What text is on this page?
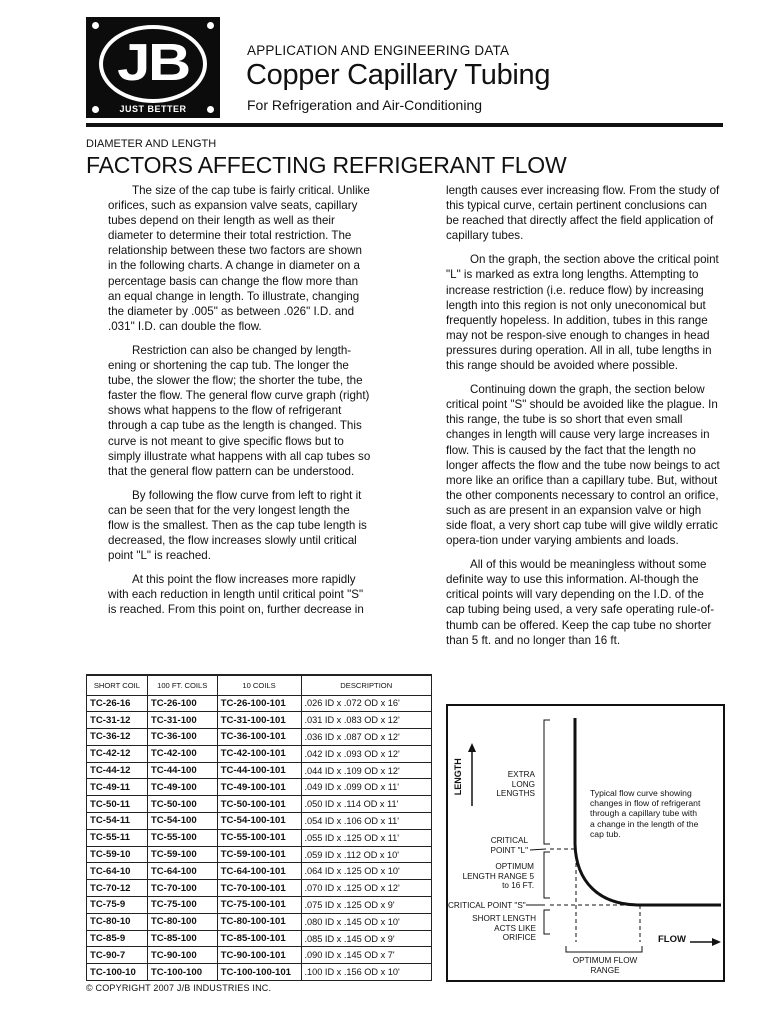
JB
JUST BETTER
APPLICATION AND ENGINEERING DATA
Copper Capillary Tubing
For Refrigeration and Air-Conditioning
DIAMETER AND LENGTH
FACTORS AFFECTING REFRIGERANT FLOW

The size of the cap tube is fairly critical. Unlike orifices, such as expansion valve seats, capillary tubes depend on their length as well as their diameter to determine their total restriction. The relationship between these two factors are shown in the following charts. A change in diameter on a percentage basis can change the flow more than an equal change in length. To illustrate, changing the diameter by .005" as between .026" I.D. and .031" I.D. can double the flow.

Restriction can also be changed by length-ening or shortening the cap tub. The longer the tube, the slower the flow; the shorter the tube, the faster the flow. The general flow curve graph (right) shows what happens to the flow of refrigerant through a cap tube as the length is changed. This curve is not meant to give specific flows but to simply illustrate what happens with all cap tubes so that the general flow pattern can be understood.

By following the flow curve from left to right it can be seen that for the very longest length the flow is the smallest. Then as the cap tube length is decreased, the flow increases slowly until critical point "L" is reached.

At this point the flow increases more rapidly with each reduction in length until critical point "S" is reached. From this point on, further decrease in

length causes ever increasing flow. From the study of this typical curve, certain pertinent conclusions can be reached that directly affect the field application of capillary tubes.

On the graph, the section above the critical point "L" is marked as extra long lengths. Attempting to increase restriction (i.e. reduce flow) by increasing length into this region is not only uneconomical but frequently hopeless. In addition, tubes in this range may not be respon-sive enough to changes in head pressures during operation. All in all, tube lengths in this range should be avoided where possible.

Continuing down the graph, the section below critical point "S" should be avoided like the plague. In this range, the tube is so short that even small changes in length will cause very large increases in flow. This is caused by the fact that the length no longer affects the flow and the tube now beings to act more like an orifice than a capillary tube. But, without the other components necessary to control an orifice, such as are present in an expansion valve or high side float, a very short cap tube will give wildly erratic opera-tion under varying ambients and loads.

All of this would be meaningless without some definite way to use this information. Al-though the critical points will vary depending on the I.D. of the cap tubing being used, a very safe operating rule-of-thumb can be offered. Keep the cap tube no shorter than 5 ft. and no longer than 16 ft.

SHORT COIL	100 FT. COILS	10 COILS	DESCRIPTION
TC-26-16	TC-26-100	TC-26-100-101	.026 ID x .072 OD x 16'
TC-31-12	TC-31-100	TC-31-100-101	.031 ID x .083 OD x 12'
TC-36-12	TC-36-100	TC-36-100-101	.036 ID x .087 OD x 12'
TC-42-12	TC-42-100	TC-42-100-101	.042 ID x .093 OD x 12'
TC-44-12	TC-44-100	TC-44-100-101	.044 ID x .109 OD x 12'
TC-49-11	TC-49-100	TC-49-100-101	.049 ID x .099 OD x 11'
TC-50-11	TC-50-100	TC-50-100-101	.050 ID x .114 OD x 11'
TC-54-11	TC-54-100	TC-54-100-101	.054 ID x .106 OD x 11'
TC-55-11	TC-55-100	TC-55-100-101	.055 ID x .125 OD x 11'
TC-59-10	TC-59-100	TC-59-100-101	.059 ID x .112 OD x 10'
TC-64-10	TC-64-100	TC-64-100-101	.064 ID x .125 OD x 10'
TC-70-12	TC-70-100	TC-70-100-101	.070 ID x .125 OD x 12'
TC-75-9	TC-75-100	TC-75-100-101	.075 ID x .125 OD x 9'
TC-80-10	TC-80-100	TC-80-100-101	.080 ID x .145 OD x 10'
TC-85-9	TC-85-100	TC-85-100-101	.085 ID x .145 OD x 9'
TC-90-7	TC-90-100	TC-90-100-101	.090 ID x .145 OD x 7'
TC-100-10	TC-100-100	TC-100-100-101	.100 ID x .156 OD x 10'
© COPYRIGHT 2007 J/B INDUSTRIES INC.
LENGTH	EXTRA LONG LENGTHS
CRITICAL POINT "L"
OPTIMUM LENGTH RANGE 5 to 16 FT.
CRITICAL POINT "S"
SHORT LENGTH ACTS LIKE ORIFICE
OPTIMUM FLOW RANGE
FLOW
Typical flow curve showing changes in flow of refrigerant through a capillary tube with a change in the length of the cap tub.
